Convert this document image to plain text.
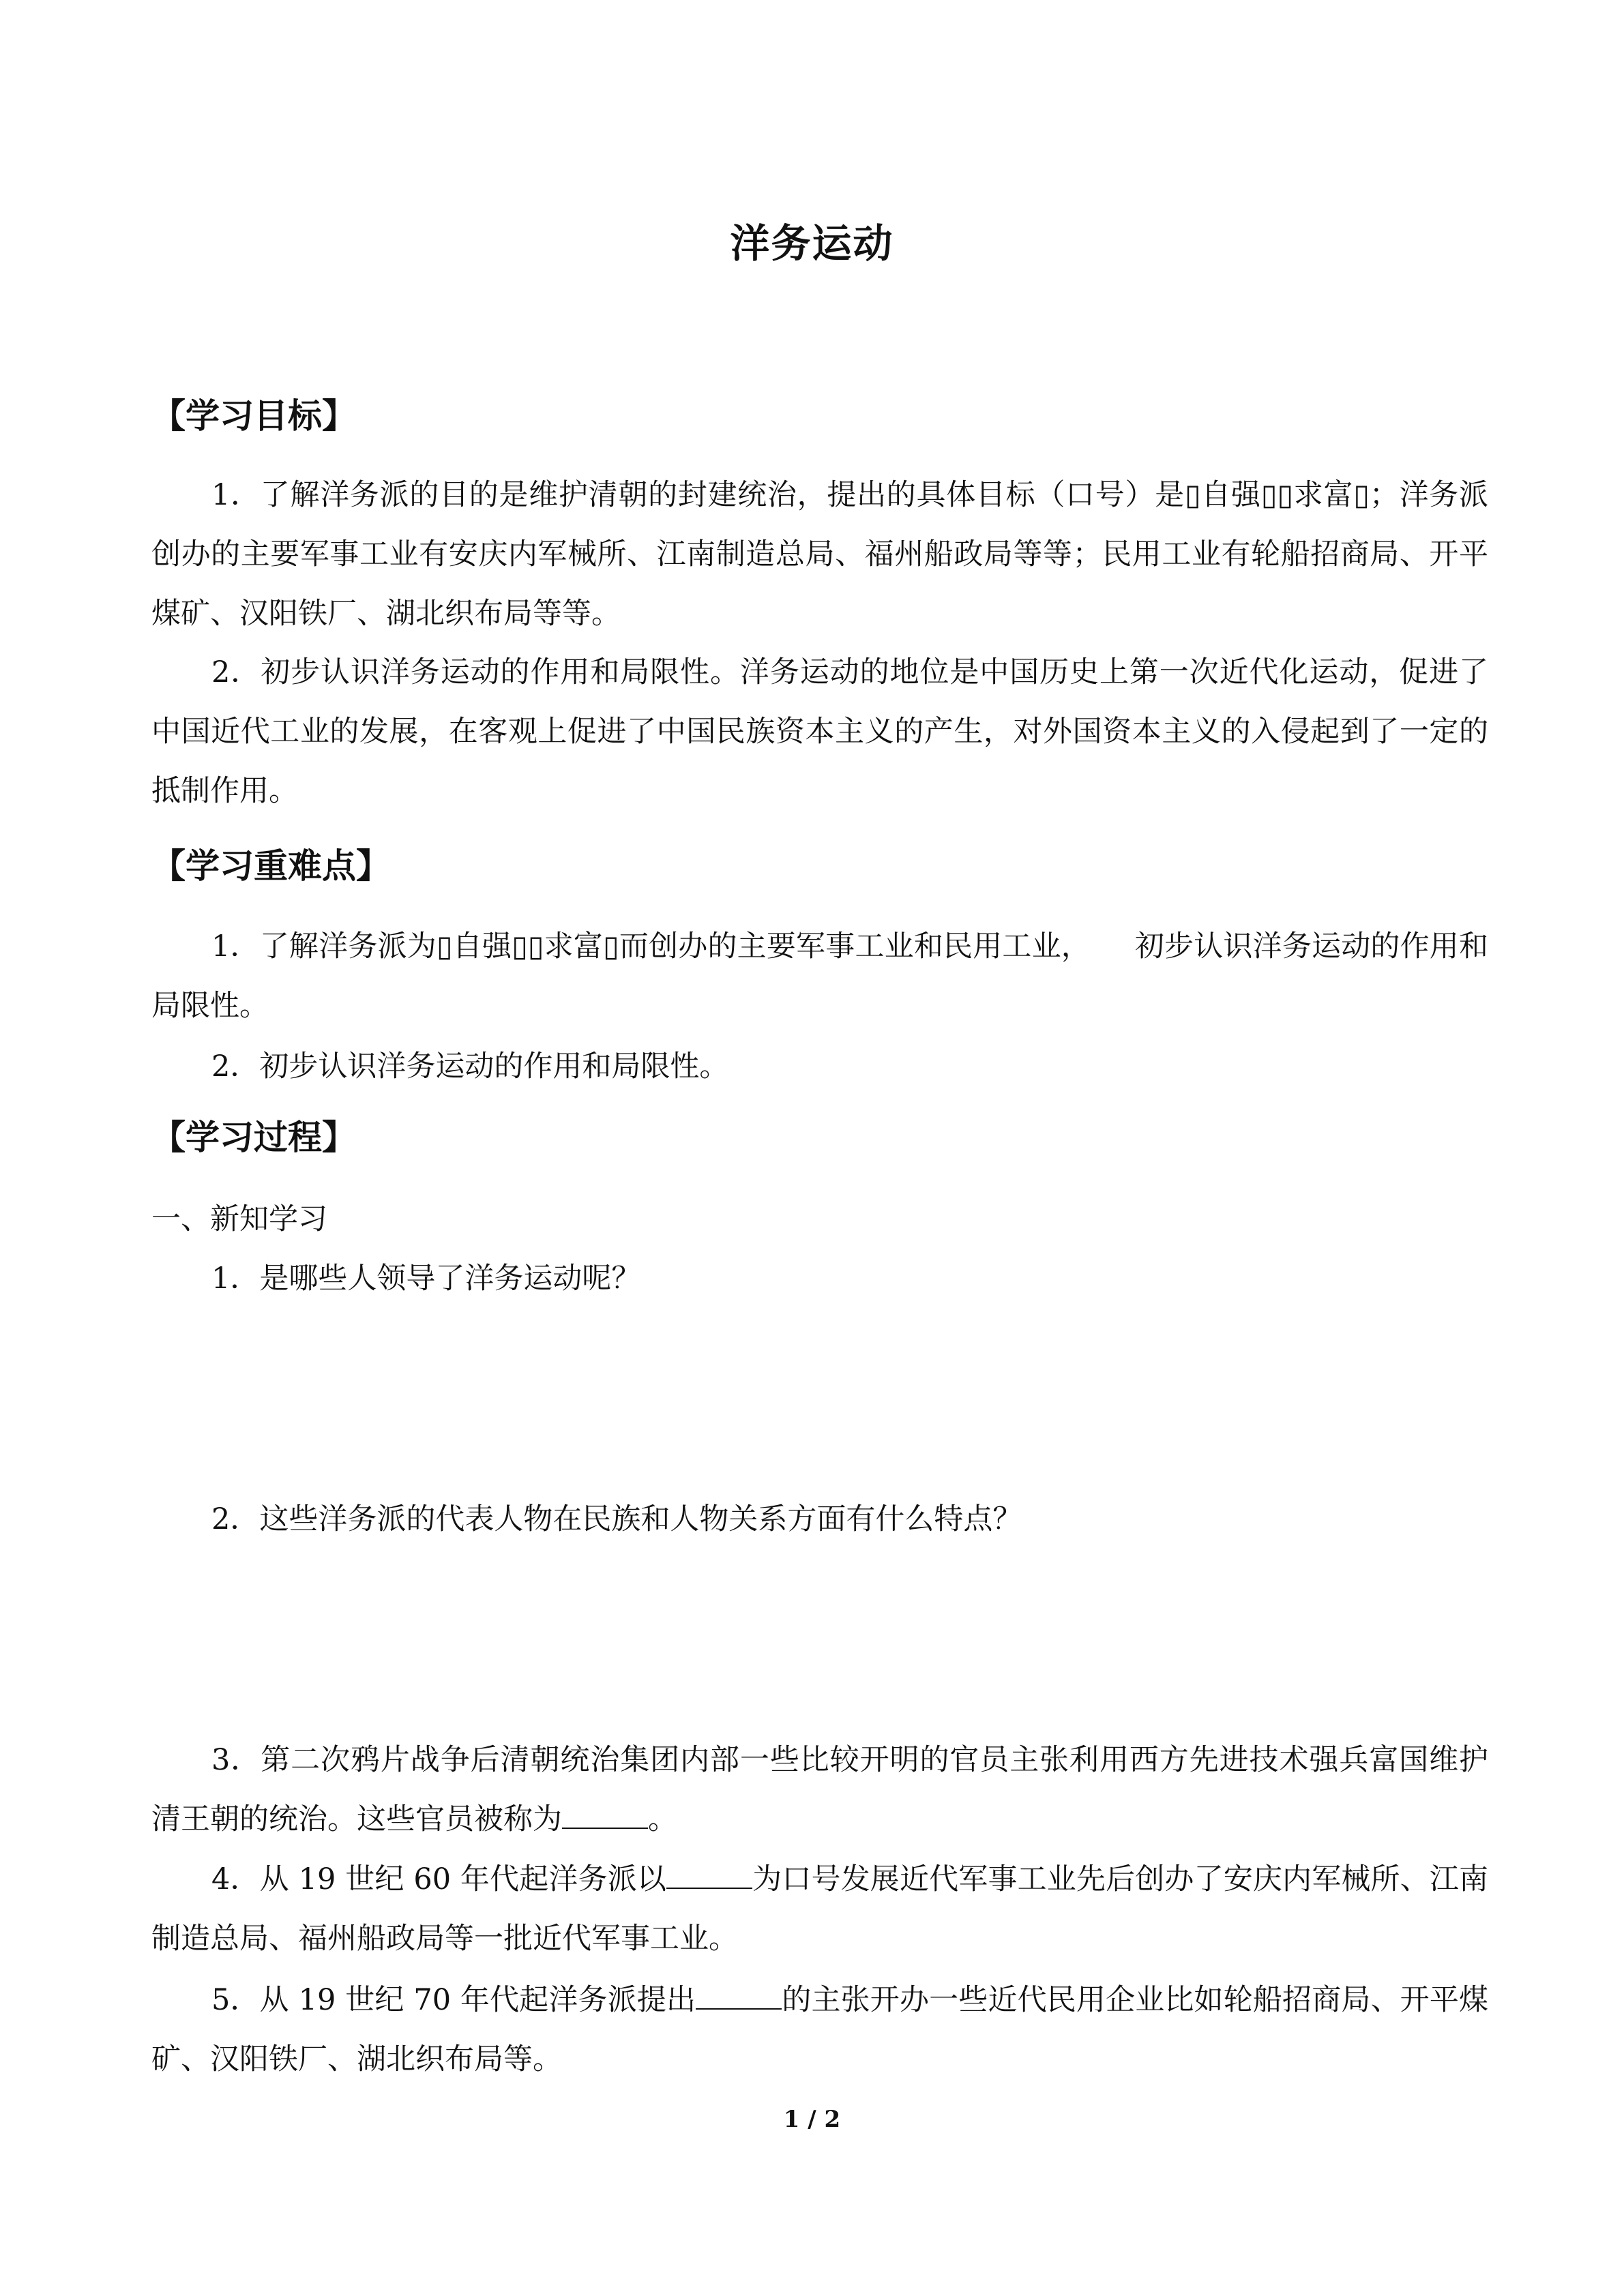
洋务运动
【学习目标】

1．了解洋务派的目的是维护清朝的封建统治，提出的具体目标（口号）是▯自强▯▯求富▯；洋务派创办的主要军事工业有安庆内军械所、江南制造总局、福州船政局等等；民用工业有轮船招商局、开平煤矿、汉阳铁厂、湖北织布局等等。

2．初步认识洋务运动的作用和局限性。洋务运动的地位是中国历史上第一次近代化运动，促进了中国近代工业的发展，在客观上促进了中国民族资本主义的产生，对外国资本主义的入侵起到了一定的抵制作用。

【学习重难点】

1．了解洋务派为▯自强▯▯求富▯而创办的主要军事工业和民用工业，　　初步认识洋务运动的作用和局限性。

2．初步认识洋务运动的作用和局限性。

【学习过程】
一、新知学习

1．是哪些人领导了洋务运动呢？

2．这些洋务派的代表人物在民族和人物关系方面有什么特点？

3．第二次鸦片战争后清朝统治集团内部一些比较开明的官员主张利用西方先进技术强兵富国维护清王朝的统治。这些官员被称为	。

4．从 19 世纪 60 年代起洋务派以	为口号发展近代军事工业先后创办了安庆内军械所、江南制造总局、福州船政局等一批近代军事工业。

5．从 19 世纪 70 年代起洋务派提出	的主张开办一些近代民用企业比如轮船招商局、开平煤矿、汉阳铁厂、湖北织布局等。

1 / 2
